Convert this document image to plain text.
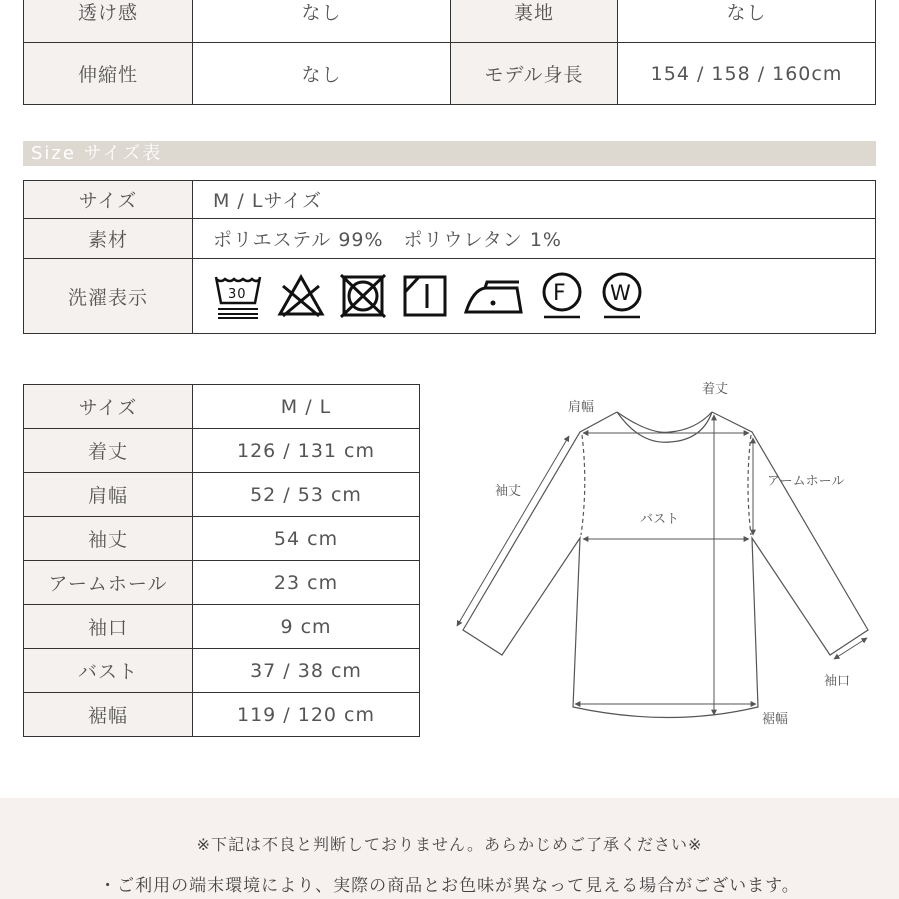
透け感	なし	裏地	なし
伸縮性	なし	モデル身長	154 / 158 / 160cm
Size サイズ表
サイズ	M / Lサイズ
素材	ポリエステル 99%　ポリウレタン 1%
洗濯表示	30 F W
サイズ	M / L
着丈	126 / 131 cm
肩幅	52 / 53 cm
袖丈	54 cm
アームホール	23 cm
袖口	9 cm
バスト	37 / 38 cm
裾幅	119 / 120 cm
着丈
肩幅
袖丈
アームホール
バスト
袖口
裾幅

※下記は不良と判断しておりません。あらかじめご了承ください※

・ご利用の端末環境により、実際の商品とお色味が異なって見える場合がございます。
